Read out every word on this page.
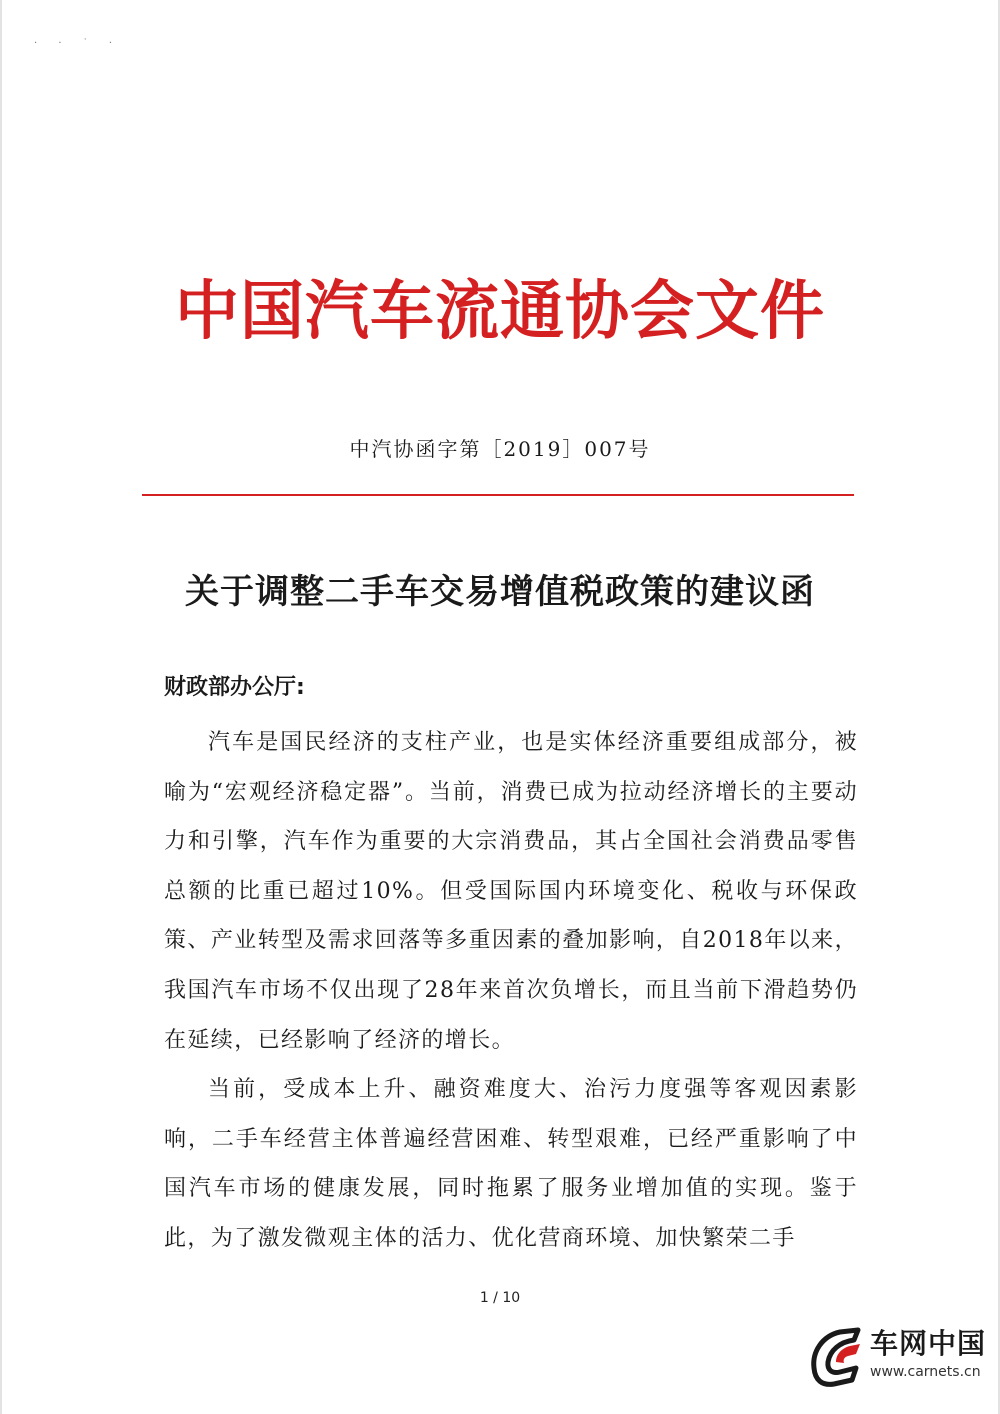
· · ˙ ·
中国汽车流通协会文件
中汽协函字第［2019］007号
关于调整二手车交易增值税政策的建议函
财政部办公厅:

汽车是国民经济的支柱产业，也是实体经济重要组成部分，被喻为“宏观经济稳定器”。当前，消费已成为拉动经济增长的主要动力和引擎，汽车作为重要的大宗消费品，其占全国社会消费品零售总额的比重已超过10%。但受国际国内环境变化、税收与环保政策、产业转型及需求回落等多重因素的叠加影响，自2018年以来，我国汽车市场不仅出现了28年来首次负增长，而且当前下滑趋势仍在延续，已经影响了经济的增长。

当前，受成本上升、融资难度大、治污力度强等客观因素影响，二手车经营主体普遍经营困难、转型艰难，已经严重影响了中国汽车市场的健康发展，同时拖累了服务业增加值的实现。鉴于此，为了激发微观主体的活力、优化营商环境、加快繁荣二手

1 / 10
车网中国
www.carnets.cn
